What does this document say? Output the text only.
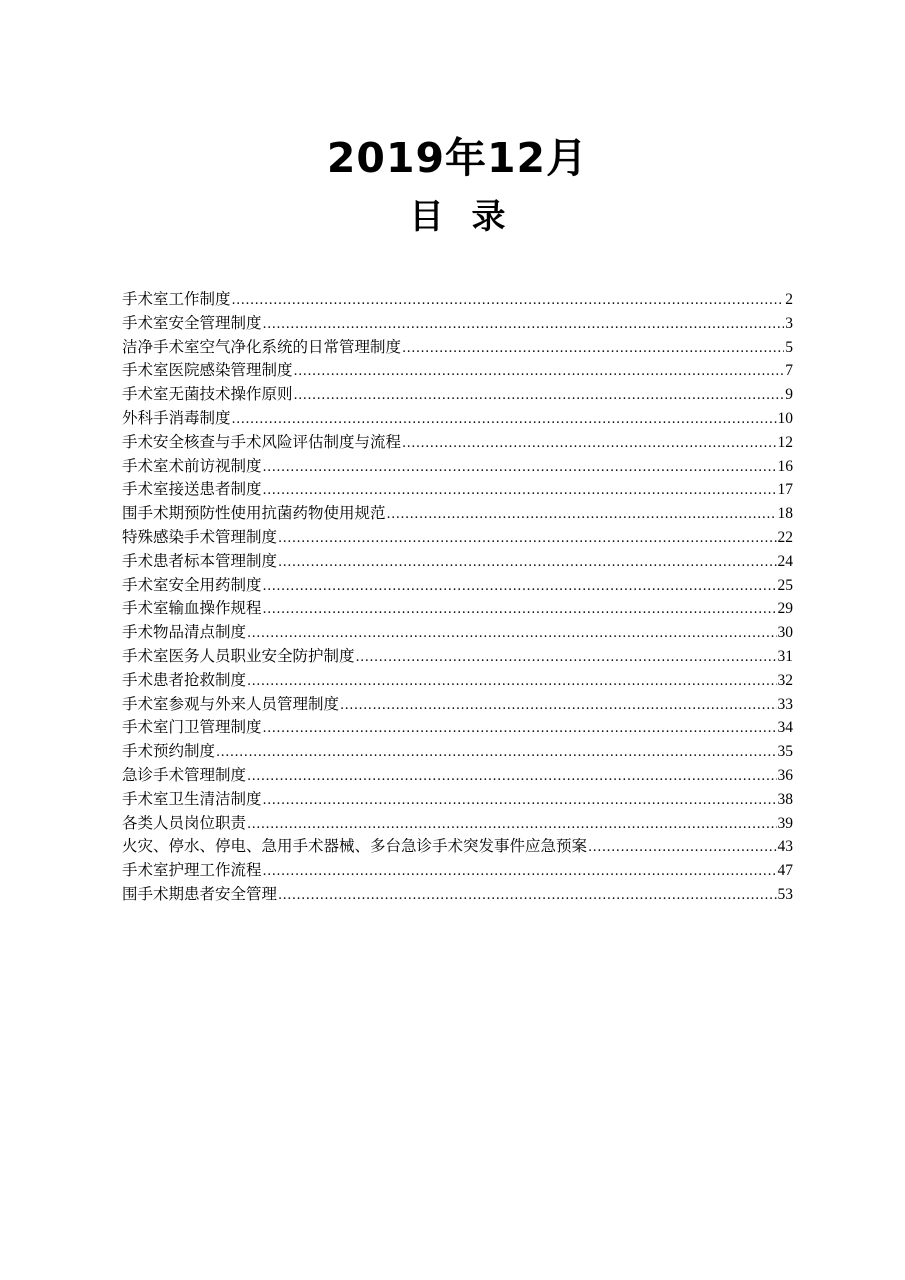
2019年12月
目 录
手术室工作制度 .....	2
手术室安全管理制度 .....	3
洁净手术室空气净化系统的日常管理制度 .....	5
手术室医院感染管理制度 .....	7
手术室无菌技术操作原则 .....	9
外科手消毒制度 .....	10
手术安全核查与手术风险评估制度与流程 .....	12
手术室术前访视制度 .....	16
手术室接送患者制度 .....	17
围手术期预防性使用抗菌药物使用规范 .....	18
特殊感染手术管理制度 .....	22
手术患者标本管理制度 .....	24
手术室安全用药制度 .....	25
手术室输血操作规程 .....	29
手术物品清点制度 .....	30
手术室医务人员职业安全防护制度 .....	31
手术患者抢救制度 .....	32
手术室参观与外来人员管理制度 .....	33
手术室门卫管理制度 .....	34
手术预约制度 .....	35
急诊手术管理制度 .....	36
手术室卫生清洁制度 .....	38
各类人员岗位职责 .....	39
火灾、停水、停电、急用手术器械、多台急诊手术突发事件应急预案 .....	43
手术室护理工作流程 .....	47
围手术期患者安全管理 .....	53
